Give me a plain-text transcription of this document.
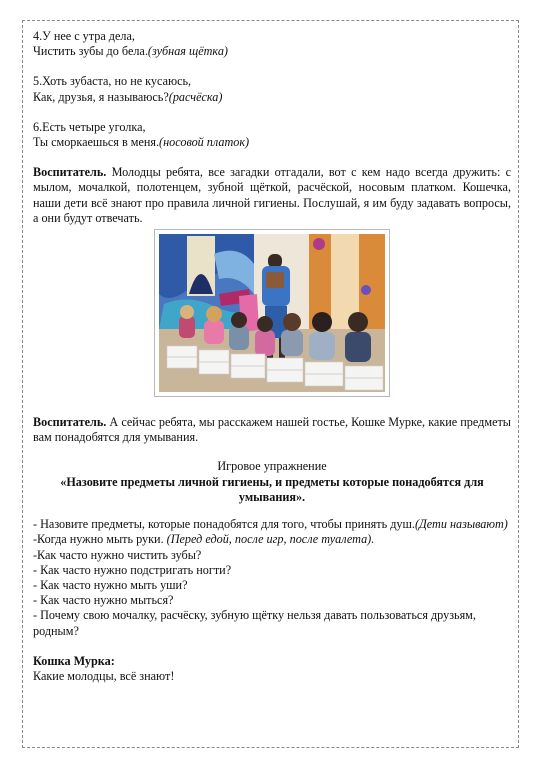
4.У нее с утра дела,
Чистить зубы до бела.(зубная щётка)

5.Хоть зубаста, но не кусаюсь,
Как, друзья, я называюсь?(расчёска)

6.Есть четыре уголка,
Ты сморкаешься в меня.(носовой платок)

Воспитатель. Молодцы ребята, все загадки отгадали, вот с кем надо всегда дружить: с мылом, мочалкой, полотенцем, зубной щёткой, расчёской, носовым платком. Кошечка, наши дети всё знают про правила личной гигиены. Послушай, я им буду задавать вопросы, а они будут отвечать.

Воспитатель. А сейчас ребята, мы расскажем нашей гостье, Кошке Мурке, какие предметы вам понадобятся для умывания.

Игровое упражнение

«Назовите предметы личной гигиены, и предметы которые понадобятся для умывания».

- Назовите предметы, которые понадобятся для того, чтобы принять душ.(Дети называют)
-Когда нужно мыть руки. (Перед едой, после игр, после туалета).
-Как часто нужно чистить зубы?
- Как часто нужно подстригать ногти?
- Как часто нужно мыть уши?
- Как часто нужно мыться?
- Почему свою мочалку, расчёску, зубную щётку нельзя давать пользоваться друзьям, родным?
Кошка Мурка:
Какие молодцы, всё знают!
